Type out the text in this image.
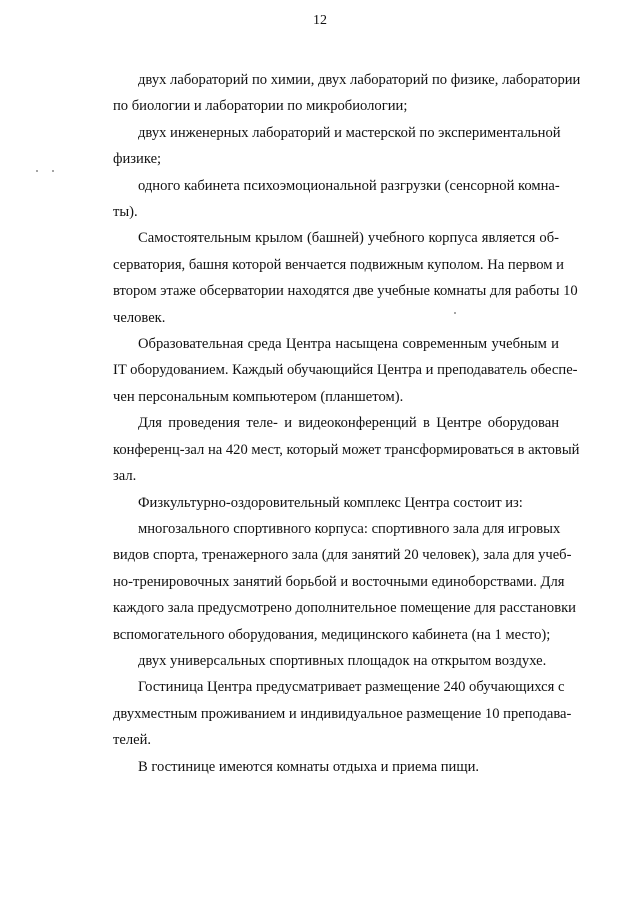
12

двух лабораторий по химии, двух лабораторий по физике, лаборатории
по биологии и лаборатории по микробиологии;

двух инженерных лабораторий и мастерской по экспериментальной
физике;

одного кабинета психоэмоциональной разгрузки (сенсорной комна-
ты).

Самостоятельным крылом (башней) учебного корпуса является об-
серватория, башня которой венчается подвижным куполом. На первом и
втором этаже обсерватории находятся две учебные комнаты для работы 10
человек.

Образовательная среда Центра насыщена современным учебным и
IT оборудованием. Каждый обучающийся Центра и преподаватель обеспе-
чен персональным компьютером (планшетом).

Для проведения теле- и видеоконференций в Центре оборудован
конференц-зал на 420 мест, который может трансформироваться в актовый
зал.

Физкультурно-оздоровительный комплекс Центра состоит из:

многозального спортивного корпуса: спортивного зала для игровых
видов спорта, тренажерного зала (для занятий 20 человек), зала для учеб-
но-тренировочных занятий борьбой и восточными единоборствами. Для
каждого зала предусмотрено дополнительное помещение для расстановки
вспомогательного оборудования, медицинского кабинета (на 1 место);

двух универсальных спортивных площадок на открытом воздухе.

Гостиница Центра предусматривает размещение 240 обучающихся с
двухместным проживанием и индивидуальное размещение 10 преподава-
телей.

В гостинице имеются комнаты отдыха и приема пищи.
